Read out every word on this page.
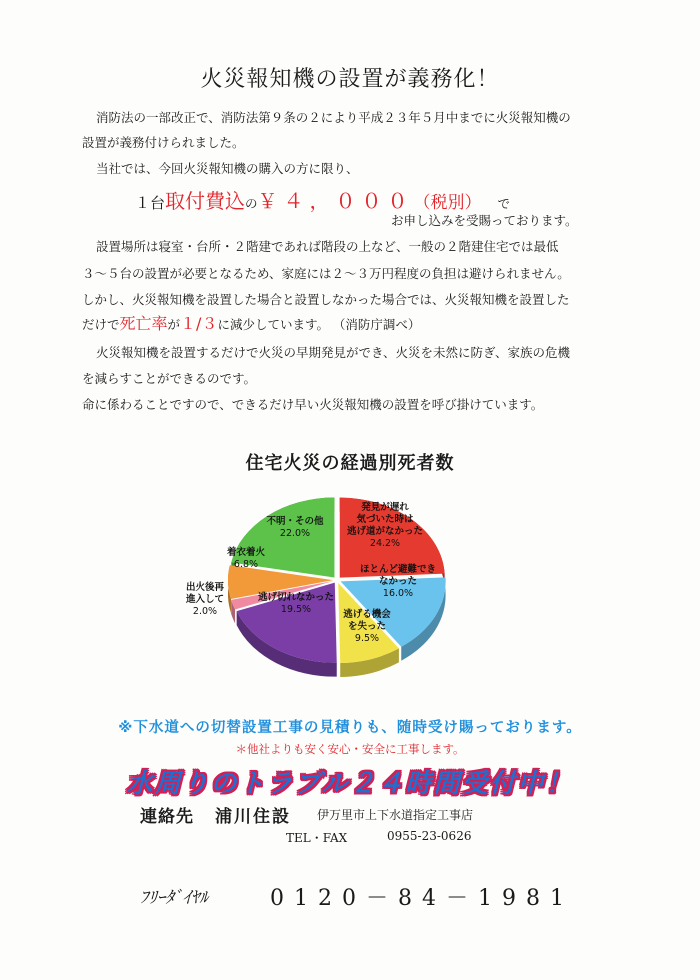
火災報知機の設置が義務化！
消防法の一部改正で、消防法第９条の２により平成２３年５月中までに火災報知機の
設置が義務付けられました。
当社では、今回火災報知機の購入の方に限り、
１台取付費込の￥４，０００（税別） で
お申し込みを受賜っております。
設置場所は寝室・台所・２階建であれば階段の上など、一般の２階建住宅では最低
３～５台の設置が必要となるため、家庭には２～３万円程度の負担は避けられません。
しかし、火災報知機を設置した場合と設置しなかった場合では、火災報知機を設置した
だけで死亡率が１/３に減少しています。 （消防庁調べ）
火災報知機を設置するだけで火災の早期発見ができ、火災を未然に防ぎ、家族の危機
を減らすことができるのです。
命に係わることですので、できるだけ早い火災報知機の設置を呼び掛けています。
住宅火災の経過別死者数
発見が遅れ
気づいた時は
逃げ道がなかった
24.2%
ほとんど避難でき
なかった
16.0%
逃げる機会
を失った
9.5%
逃げ切れなかった
19.5%
出火後再
進入して
2.0%
着衣着火
6.8%
不明・その他
22.0%
※下水道への切替設置工事の見積りも、随時受け賜っております。
＊他社よりも安く安心・安全に工事します。
水周りのトラブル２４時間受付中！
連絡先 浦川住設 伊万里市上下水道指定工事店
TEL・FAX	0955-23-0626
ﾌﾘｰﾀﾞｲﾔﾙ	0120－84－1981
